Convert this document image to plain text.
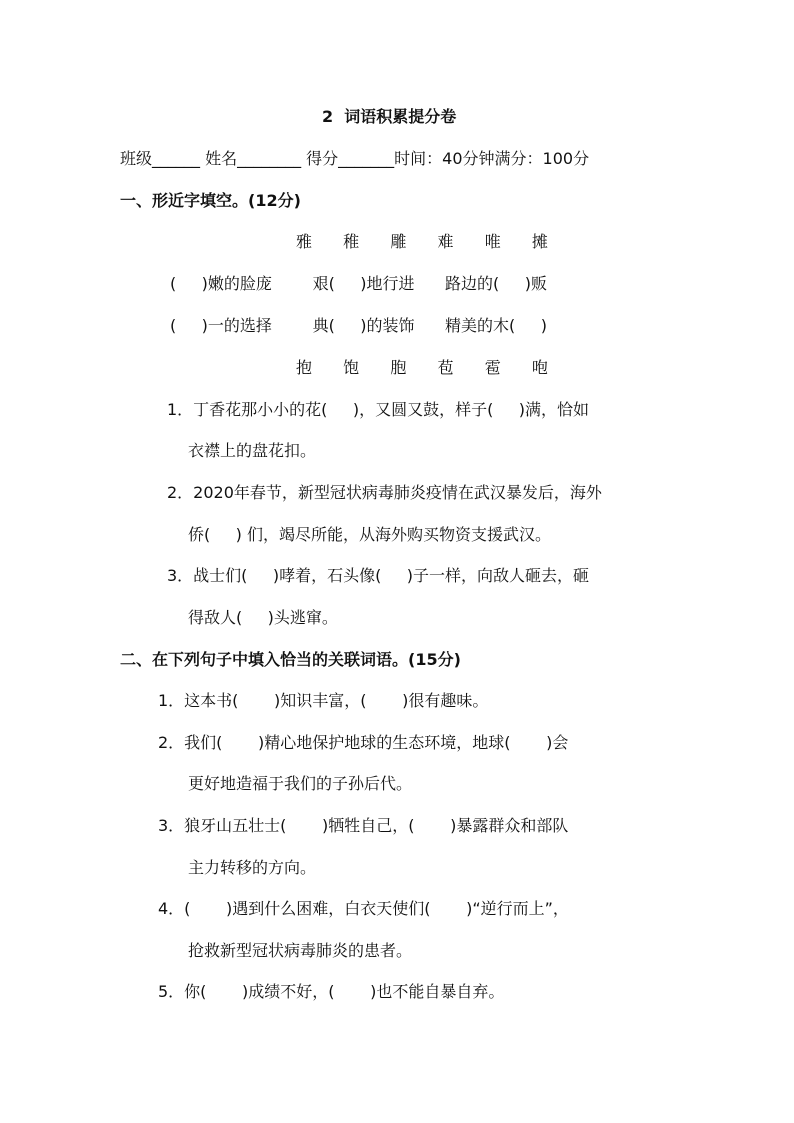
2  词语积累提分卷
班级______ 姓名________ 得分_______时间：40分钟满分：100分
一、形近字填空。(12分)
雅  稚  雕  难  唯  摊
(     )嫩的脸庞        艰(     )地行进      路边的(     )贩
(     )一的选择        典(     )的装饰      精美的木(     )
抱  饱  胞  苞  雹  咆
1．丁香花那小小的花(     )，又圆又鼓，样子(     )满，恰如
衣襟上的盘花扣。
2．2020年春节，新型冠状病毒肺炎疫情在武汉暴发后，海外
侨(     ) 们，竭尽所能，从海外购买物资支援武汉。
3．战士们(     )哮着，石头像(     )子一样，向敌人砸去，砸
得敌人(     )头逃窜。
二、在下列句子中填入恰当的关联词语。(15分)
1．这本书(       )知识丰富，(       )很有趣味。
2．我们(       )精心地保护地球的生态环境，地球(       )会
更好地造福于我们的子孙后代。
3．狼牙山五壮士(       )牺牲自己，(       )暴露群众和部队
主力转移的方向。
4．(       )遇到什么困难，白衣天使们(       )“逆行而上”，
抢救新型冠状病毒肺炎的患者。
5．你(       )成绩不好，(       )也不能自暴自弃。
